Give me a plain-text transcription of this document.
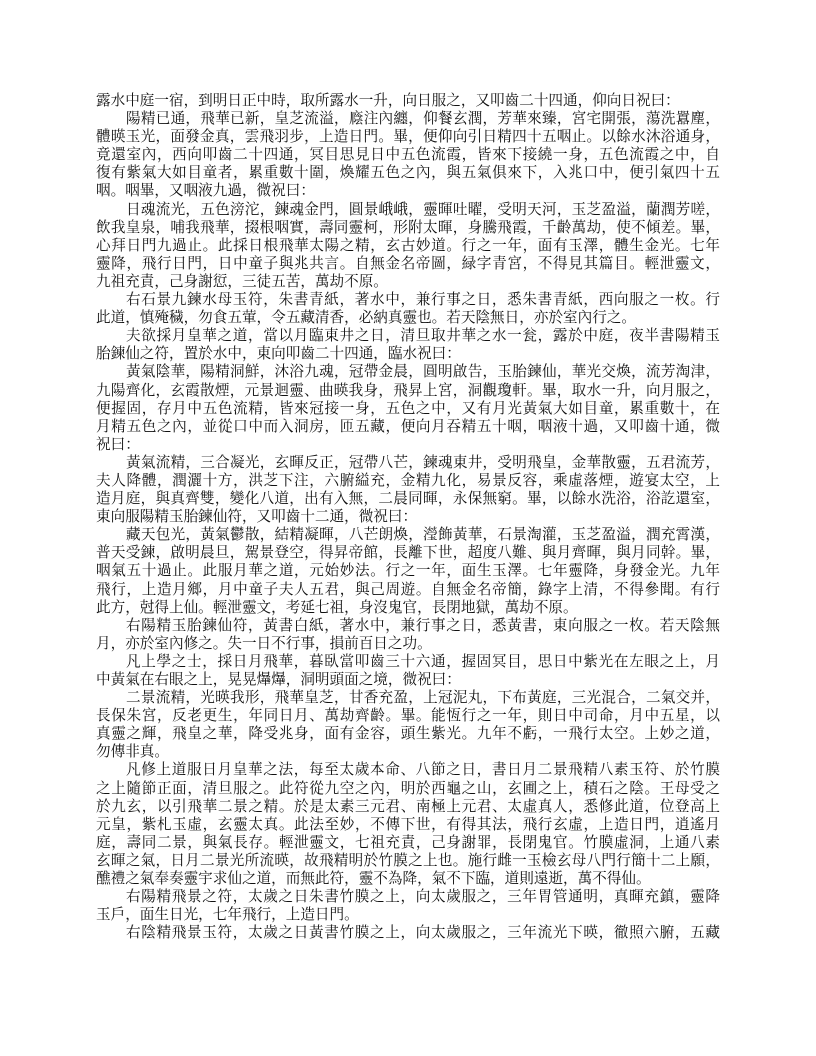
露水中庭一宿，到明日正中時，取所露水一升，向日服之，又叩齒二十四通，仰向日祝曰：
陽精已通，飛華已新，皇芝流溢，廕注內纏，仰餐玄潤，芳華來臻，宮宅開張，蕩洗囂塵，
體暎玉光，面發金真，雲飛羽步，上造日門。畢，便仰向引日精四十五咽止。以餘水沐浴通身，
竟還室內，西向叩齒二十四通，冥目思見日中五色流霞，皆來下接繞一身，五色流霞之中，自
復有紫氣大如目童者，累重數十圍，煥耀五色之內，與五氣俱來下，入兆口中，便引氣四十五
咽。咽畢，又咽液九過，微祝曰：
日魂流光，五色滂沱，鍊魂金門，圓景峨峨，靈暉吐曜，受明天河，玉芝盈溢，蘭潤芳嗟，
飲我皇泉，哺我飛華，掇根咽實，壽同靈柯，形附太暉，身騰飛霞，千齡萬劫，使不傾差。畢，
心拜日門九過止。此採日根飛華太陽之精，玄古妙道。行之一年，面有玉澤，體生金光。七年
靈降，飛行日門，日中童子與兆共言。自無金名帝圖，緑字青宮，不得見其篇目。輕泄靈文，
九祖充責，己身謝愆，三徒五苦，萬劫不原。
右石景九鍊水母玉符，朱書青紙，著水中，兼行事之日，悉朱書青紙，西向服之一枚。行
此道，慎殗穢，勿食五葷，令五藏清香，必納真靈也。若天陰無日，亦於室內行之。
夫欲採月皇華之道，當以月臨東井之日，清旦取井華之水一瓮，露於中庭，夜半書陽精玉
胎鍊仙之符，置於水中，東向叩齒二十四通，臨水祝曰：
黃氣陰華，陽精洞鮮，沐浴九魂，冠帶金晨，圓明啟告，玉胎鍊仙，華光交煥，流芳淘津，
九陽齊化，玄霞散煙，元景迴靈、曲暎我身，飛昇上宮，洞觀瓊軒。畢，取水一升，向月服之，
便握固，存月中五色流精，皆來冠接一身，五色之中，又有月光黃氣大如目童，累重數十，在
月精五色之內，並從口中而入洞房，匝五藏，便向月吞精五十咽，咽液十過，又叩齒十通，微
祝曰：
黃氣流精，三合凝光，玄暉反正，冠帶八芒，鍊魂東井，受明飛皇，金華散靈，五君流芳，
夫人降體，潤灑十方，洪芝下注，六腑縊充，金精九化，易景反容，乘虛落煙，遊宴太空，上
造月庭，與真齊雙，變化八道，出有入無，二晨同暉，永保無窮。畢，以餘水洗浴，浴訖還室，
東向服陽精玉胎鍊仙符，又叩齒十二通，微祝曰：
藏天包光，黃氣鬱散，結精凝暉，八芒朗煥，瀅飾黃華，石景淘灌，玉芝盈溢，潤充霄漢，
普天受鍊，啟明晨旦，駕景登空，得昇帝館，長離下世，超度八難、與月齊暉，與月同幹。畢，
咽氣五十過止。此服月華之道，元始妙法。行之一年，面生玉澤。七年靈降，身發金光。九年
飛行，上造月鄉，月中童子夫人五君，與己周遊。自無金名帝簡，錄字上清，不得參聞。有行
此方，尅得上仙。輕泄靈文，考延七祖，身沒鬼官，長閉地獄，萬劫不原。
右陽精玉胎鍊仙符，黃書白紙，著水中，兼行事之日，悉黃書，東向服之一枚。若天陰無
月，亦於室內修之。失一日不行事，損前百日之功。
凡上學之士，採日月飛華，暮臥當叩齒三十六通，握固冥目，思日中紫光在左眼之上，月
中黃氣在右眼之上，晃晃爗爗，洞明頭面之境，微祝曰：
二景流精，光暎我形，飛華皇芝，甘香充盈，上冠泥丸，下布黃庭，三光混合，二氣交并，
長保朱宮，反老更生，年同日月、萬劫齊齡。畢。能恆行之一年，則日中司命，月中五星，以
真靈之輝，飛皇之華，降受兆身，面有金容，頭生紫光。九年不虧，一飛行太空。上妙之道，
勿傳非真。
凡修上道服日月皇華之法，每至太歲本命、八節之日，書日月二景飛精八素玉符、於竹膜
之上隨節正面，清旦服之。此符從九空之內，明於西龜之山，玄圃之上，積石之陰。王母受之
於九玄，以引飛華二景之精。於是太素三元君、南極上元君、太虛真人，悉修此道，位登高上
元皇，紫札玉虛，玄靈太真。此法至妙，不傳下世，有得其法，飛行玄虛，上造日門，逍遙月
庭，壽同二景，與氣長存。輕泄靈文，七祖充責，己身謝罪，長閉鬼官。竹膜虛洞，上通八素
玄暉之氣，日月二景光所流暎，故飛精明於竹膜之上也。施行雌一玉檢玄母八門行簡十二上願，
醮禮之氣奉奏靈宇求仙之道，而無此符，靈不為降，氣不下臨，道則遠逝，萬不得仙。
右陽精飛景之符，太歲之日朱書竹膜之上，向太歲服之，三年胃管通明，真暉充鎮，靈降
玉戶，面生日光，七年飛行，上造日門。
右陰精飛景玉符，太歲之日黃書竹膜之上，向太歲服之，三年流光下暎，徹照六腑，五藏
